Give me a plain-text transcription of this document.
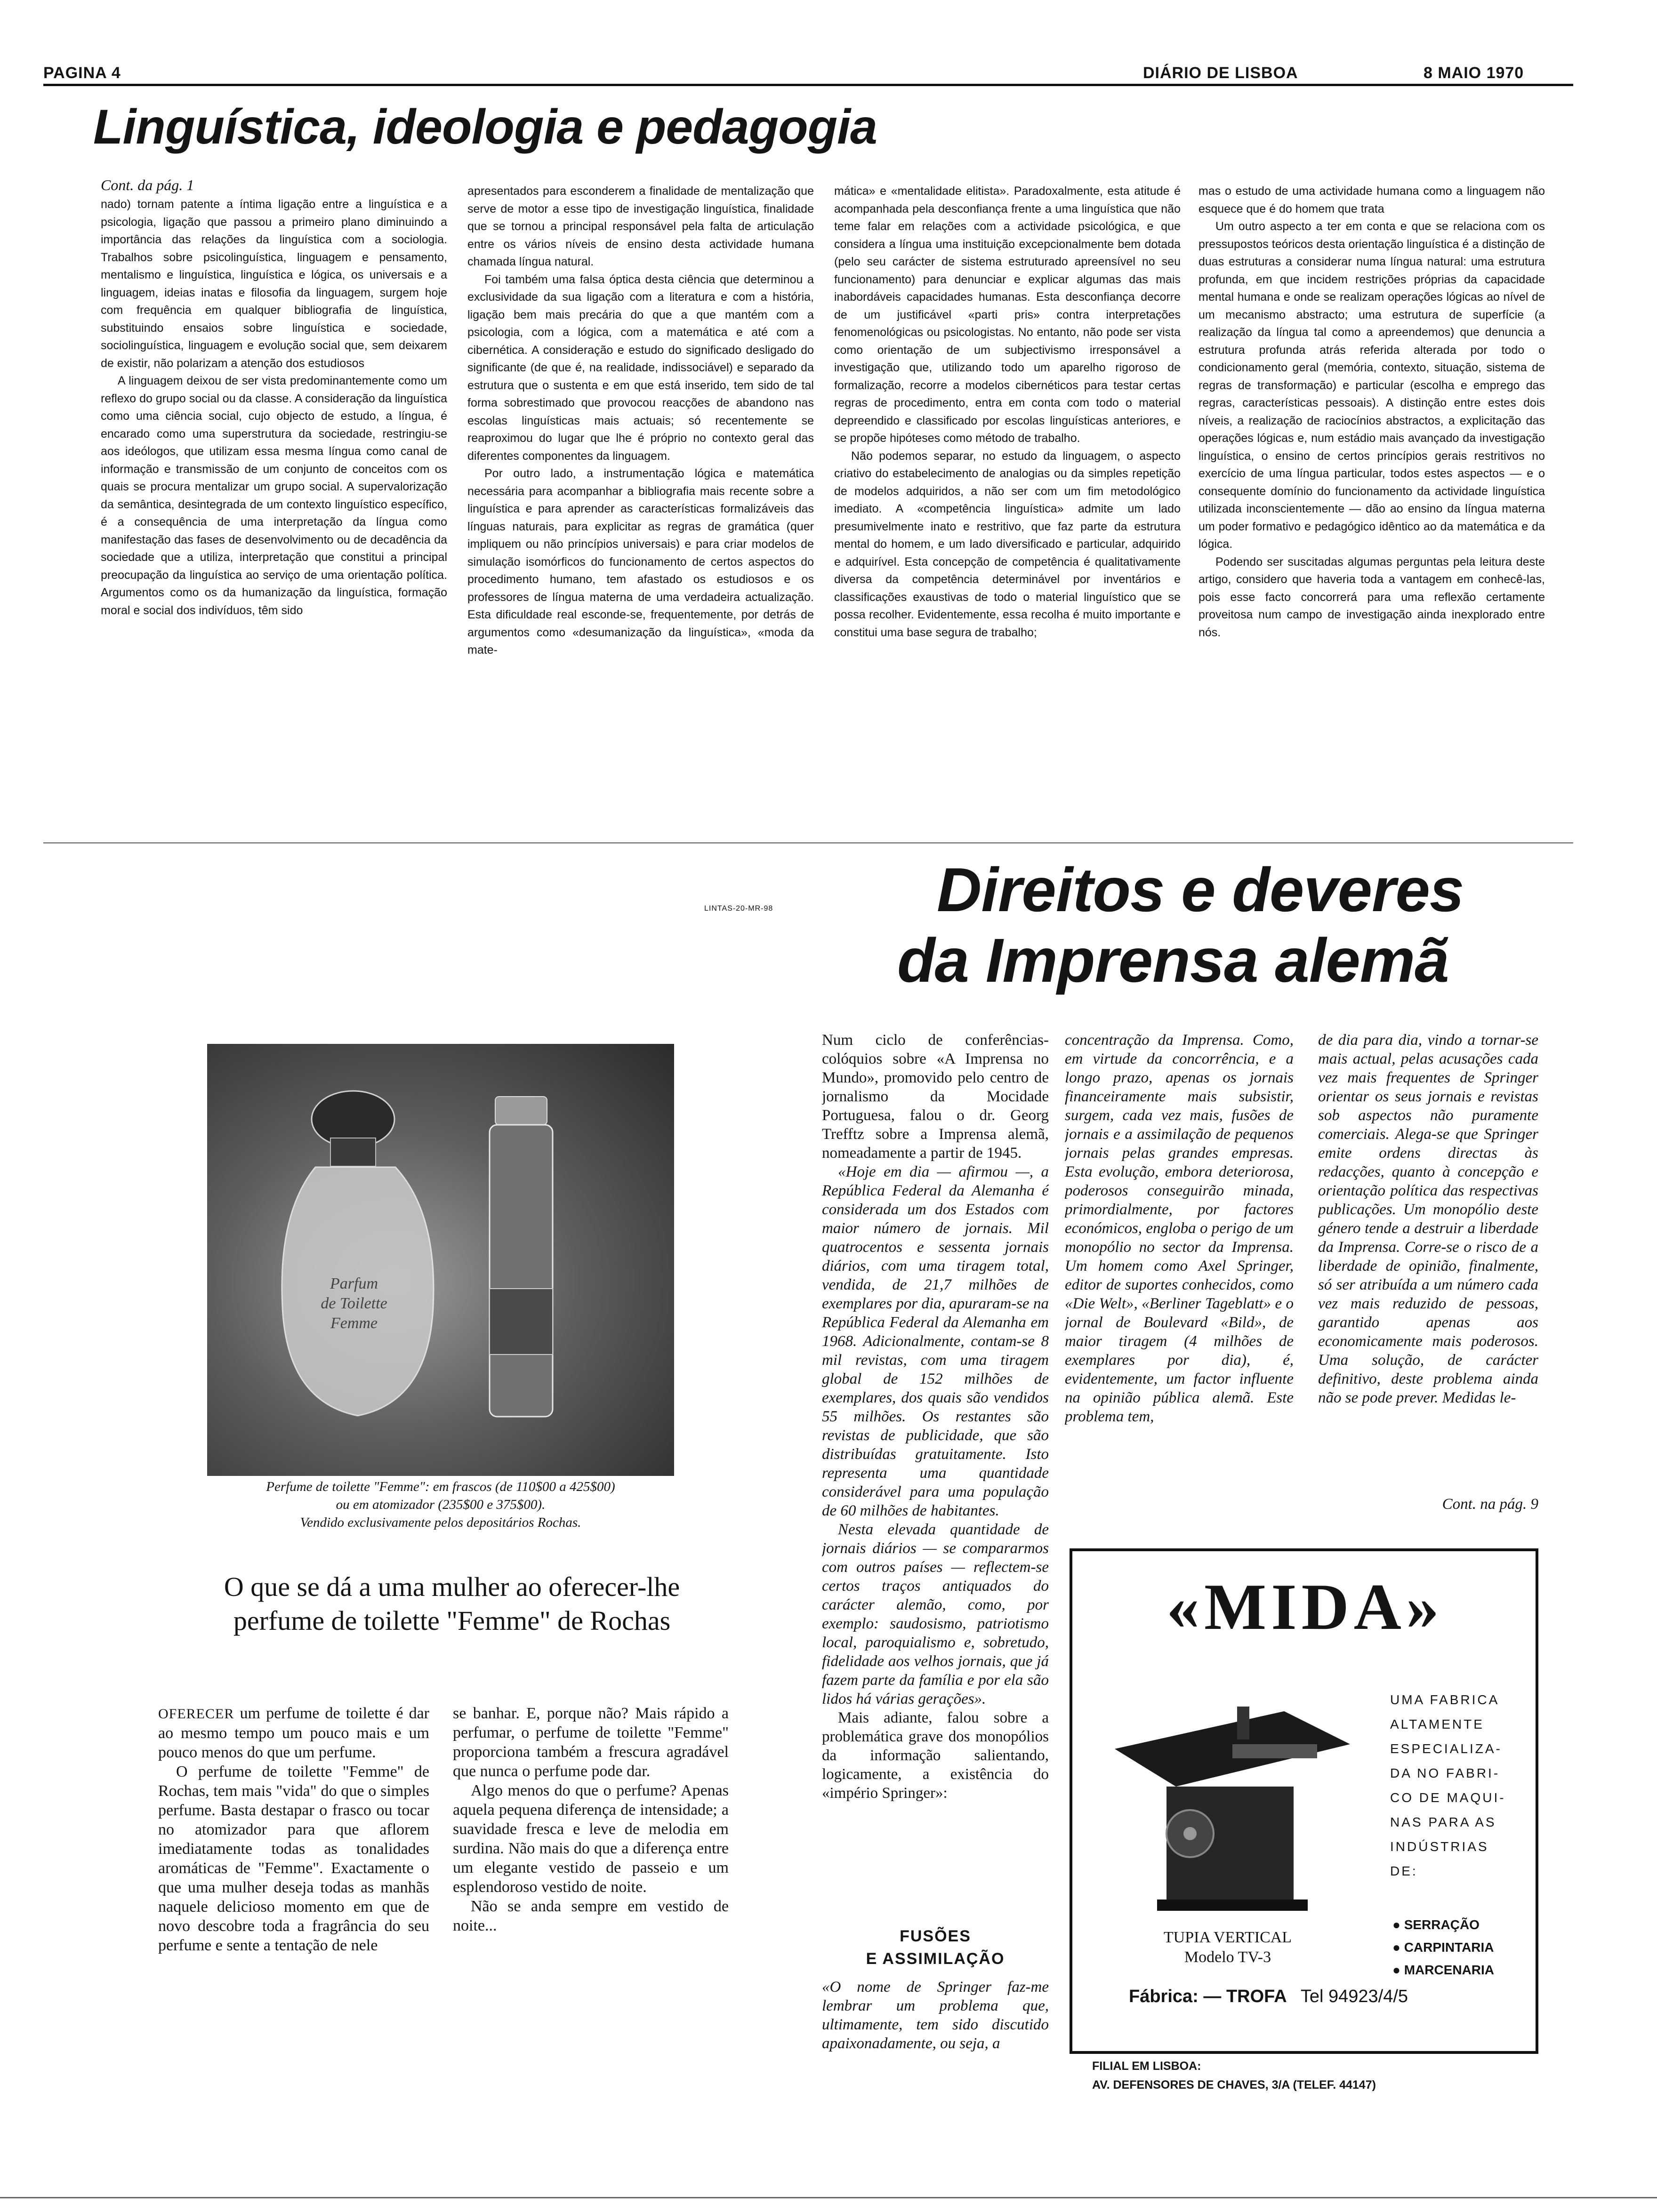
PAGINA 4	DIÁRIO DE LISBOA	8 MAIO 1970
Linguística, ideologia e pedagogia
Cont. da pág. 1

nado) tornam patente a íntima ligação entre a linguística e a psicologia, ligação que passou a primeiro plano diminuindo a importância das relações da linguística com a sociologia. Trabalhos sobre psicolinguística, linguagem e pensamento, mentalismo e linguística, linguística e lógica, os universais e a linguagem, ideias inatas e filosofia da linguagem, surgem hoje com frequência em qualquer bibliografia de linguística, substituindo ensaios sobre linguística e sociedade, sociolinguística, linguagem e evolução social que, sem deixarem de existir, não polarizam a atenção dos estudiosos

A linguagem deixou de ser vista predominantemente como um reflexo do grupo social ou da classe. A consideração da linguística como uma ciência social, cujo objecto de estudo, a língua, é encarado como uma superstrutura da sociedade, restringiu-se aos ideólogos, que utilizam essa mesma língua como canal de informação e transmissão de um conjunto de conceitos com os quais se procura mentalizar um grupo social. A supervalorização da semântica, desintegrada de um contexto linguístico específico, é a consequência de uma interpretação da língua como manifestação das fases de desenvolvimento ou de decadência da sociedade que a utiliza, interpretação que constitui a principal preocupação da linguística ao serviço de uma orientação política. Argumentos como os da humanização da linguística, formação moral e social dos indivíduos, têm sido

apresentados para esconderem a finalidade de mentalização que serve de motor a esse tipo de investigação linguística, finalidade que se tornou a principal responsável pela falta de articulação entre os vários níveis de ensino desta actividade humana chamada língua natural.

Foi também uma falsa óptica desta ciência que determinou a exclusividade da sua ligação com a literatura e com a história, ligação bem mais precária do que a que mantém com a psicologia, com a lógica, com a matemática e até com a cibernética. A consideração e estudo do significado desligado do significante (de que é, na realidade, indissociável) e separado da estrutura que o sustenta e em que está inserido, tem sido de tal forma sobrestimado que provocou reacções de abandono nas escolas linguísticas mais actuais; só recentemente se reaproximou do lugar que lhe é próprio no contexto geral das diferentes componentes da linguagem.

Por outro lado, a instrumentação lógica e matemática necessária para acompanhar a bibliografia mais recente sobre a linguística e para aprender as características formalizáveis das línguas naturais, para explicitar as regras de gramática (quer impliquem ou não princípios universais) e para criar modelos de simulação isomórficos do funcionamento de certos aspectos do procedimento humano, tem afastado os estudiosos e os professores de língua materna de uma verdadeira actualização. Esta dificuldade real esconde-se, frequentemente, por detrás de argumentos como «desumanização da linguística», «moda da mate-

mática» e «mentalidade elitista». Paradoxalmente, esta atitude é acompanhada pela desconfiança frente a uma linguística que não teme falar em relações com a actividade psicológica, e que considera a língua uma instituição excepcionalmente bem dotada (pelo seu carácter de sistema estruturado apreensível no seu funcionamento) para denunciar e explicar algumas das mais inabordáveis capacidades humanas. Esta desconfiança decorre de um justificável «parti pris» contra interpretações fenomenológicas ou psicologistas. No entanto, não pode ser vista como orientação de um subjectivismo irresponsável a investigação que, utilizando todo um aparelho rigoroso de formalização, recorre a modelos cibernéticos para testar certas regras de procedimento, entra em conta com todo o material depreendido e classificado por escolas linguísticas anteriores, e se propõe hipóteses como método de trabalho.

Não podemos separar, no estudo da linguagem, o aspecto criativo do estabelecimento de analogias ou da simples repetição de modelos adquiridos, a não ser com um fim metodológico imediato. A «competência linguística» admite um lado presumivelmente inato e restritivo, que faz parte da estrutura mental do homem, e um lado diversificado e particular, adquirido e adquirível. Esta concepção de competência é qualitativamente diversa da competência determinável por inventários e classificações exaustivas de todo o material linguístico que se possa recolher. Evidentemente, essa recolha é muito importante e constitui uma base segura de trabalho;

mas o estudo de uma actividade humana como a linguagem não esquece que é do homem que trata

Um outro aspecto a ter em conta e que se relaciona com os pressupostos teóricos desta orientação linguística é a distinção de duas estruturas a considerar numa língua natural: uma estrutura profunda, em que incidem restrições próprias da capacidade mental humana e onde se realizam operações lógicas ao nível de um mecanismo abstracto; uma estrutura de superfície (a realização da língua tal como a apreendemos) que denuncia a estrutura profunda atrás referida alterada por todo o condicionamento geral (memória, contexto, situação, sistema de regras de transformação) e particular (escolha e emprego das regras, características pessoais). A distinção entre estes dois níveis, a realização de raciocínios abstractos, a explicitação das operações lógicas e, num estádio mais avançado da investigação linguística, o ensino de certos princípios gerais restritivos no exercício de uma língua particular, todos estes aspectos — e o consequente domínio do funcionamento da actividade linguística utilizada inconscientemente — dão ao ensino da língua materna um poder formativo e pedagógico idêntico ao da matemática e da lógica.

Podendo ser suscitadas algumas perguntas pela leitura deste artigo, considero que haveria toda a vantagem em conhecê-las, pois esse facto concorrerá para uma reflexão certamente proveitosa num campo de investigação ainda inexplorado entre nós.

LINTAS-20-MR-98
Parfum
de Toilette
Femme
Perfume de toilette "Femme": em frascos (de 110$00 a 425$00)
ou em atomizador (235$00 e 375$00).
Vendido exclusivamente pelos depositários Rochas.
O que se dá a uma mulher ao oferecer-lhe
perfume de toilette "Femme" de Rochas

OFERECER um perfume de toilette é dar ao mesmo tempo um pouco mais e um pouco menos do que um perfume.

O perfume de toilette "Femme" de Rochas, tem mais "vida" do que o simples perfume. Basta destapar o frasco ou tocar no atomizador para que aflorem imediatamente todas as tonalidades aromáticas de "Femme". Exactamente o que uma mulher deseja todas as manhãs naquele delicioso momento em que de novo descobre toda a fragrância do seu perfume e sente a tentação de nele

se banhar. E, porque não? Mais rápido a perfumar, o perfume de toilette "Femme" proporciona também a frescura agradável que nunca o perfume pode dar.

Algo menos do que o perfume? Apenas aquela pequena diferença de intensidade; a suavidade fresca e leve de melodia em surdina. Não mais do que a diferença entre um elegante vestido de passeio e um esplendoroso vestido de noite.

Não se anda sempre em vestido de noite...

Direitos e deveres
da Imprensa alemã

Num ciclo de conferências-colóquios sobre «A Imprensa no Mundo», promovido pelo centro de jornalismo da Mocidade Portuguesa, falou o dr. Georg Trefftz sobre a Imprensa alemã, nomeadamente a partir de 1945.

«Hoje em dia — afirmou —, a República Federal da Alemanha é considerada um dos Estados com maior número de jornais. Mil quatrocentos e sessenta jornais diários, com uma tiragem total, vendida, de 21,7 milhões de exemplares por dia, apuraram-se na República Federal da Alemanha em 1968. Adicionalmente, contam-se 8 mil revistas, com uma tiragem global de 152 milhões de exemplares, dos quais são vendidos 55 milhões. Os restantes são revistas de publicidade, que são distribuídas gratuitamente. Isto representa uma quantidade considerável para uma população de 60 milhões de habitantes.

Nesta elevada quantidade de jornais diários — se compararmos com outros países — reflectem-se certos traços antiquados do carácter alemão, como, por exemplo: saudosismo, patriotismo local, paroquialismo e, sobretudo, fidelidade aos velhos jornais, que já fazem parte da família e por ela são lidos há várias gerações».

Mais adiante, falou sobre a problemática grave dos monopólios da informação salientando, logicamente, a existência do «império Springer»:

FUSÕES
E ASSIMILAÇÃO

«O nome de Springer faz-me lembrar um problema que, ultimamente, tem sido discutido apaixonadamente, ou seja, a

concentração da Imprensa. Como, em virtude da concorrência, e a longo prazo, apenas os jornais financeiramente mais subsistir, surgem, cada vez mais, fusões de jornais e a assimilação de pequenos jornais pelas grandes empresas. Esta evolução, embora deteriorosa, poderosos conseguirão minada, primordialmente, por factores económicos, engloba o perigo de um monopólio no sector da Imprensa. Um homem como Axel Springer, editor de suportes conhecidos, como «Die Welt», «Berliner Tageblatt» e o jornal de Boulevard «Bild», de maior tiragem (4 milhões de exemplares por dia), é, evidentemente, um factor influente na opinião pública alemã. Este problema tem,

de dia para dia, vindo a tornar-se mais actual, pelas acusações cada vez mais frequentes de Springer orientar os seus jornais e revistas sob aspectos não puramente comerciais. Alega-se que Springer emite ordens directas às redacções, quanto à concepção e orientação política das respectivas publicações. Um monopólio deste género tende a destruir a liberdade da Imprensa. Corre-se o risco de a liberdade de opinião, finalmente, só ser atribuída a um número cada vez mais reduzido de pessoas, garantido apenas aos economicamente mais poderosos. Uma solução, de carácter definitivo, deste problema ainda não se pode prever. Medidas le-

Cont. na pág. 9
«MIDA»
UMA FABRICA
ALTAMENTE
ESPECIALIZA-
DA NO FABRI-
CO DE MAQUI-
NAS PARA AS
INDÚSTRIAS
DE:
● SERRAÇÃO
● CARPINTARIA
● MARCENARIA
TUPIA VERTICAL
Modelo TV-3
Fábrica: — TROFA Tel 94923/4/5
FILIAL EM LISBOA:
AV. DEFENSORES DE CHAVES, 3/A (TELEF. 44147)
